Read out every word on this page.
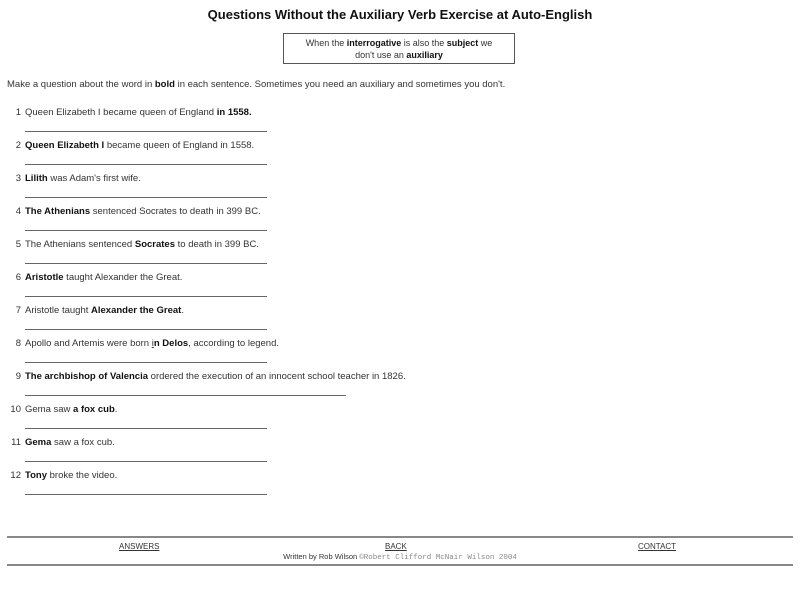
Questions Without the Auxiliary Verb Exercise at Auto-English
When the interrogative is also the subject we
don't use an auxiliary
Make a question about the word in bold in each sentence. Sometimes you need an auxiliary and sometimes you don't.
1 Queen Elizabeth I became queen of England in 1558.
2 Queen Elizabeth I became queen of England in 1558.
3 Lilith was Adam's first wife.
4 The Athenians sentenced Socrates to death in 399 BC.
5 The Athenians sentenced Socrates to death in 399 BC.
6 Aristotle taught Alexander the Great.
7 Aristotle taught Alexander the Great.
8 Apollo and Artemis were born in Delos, according to legend.
9 The archbishop of Valencia ordered the execution of an innocent school teacher in 1826.
10 Gema saw a fox cub.
11 Gema saw a fox cub.
12 Tony broke the video.
ANSWERS	BACK	CONTACT
Written by Rob Wilson ©Robert Clifford McNair Wilson 2004
